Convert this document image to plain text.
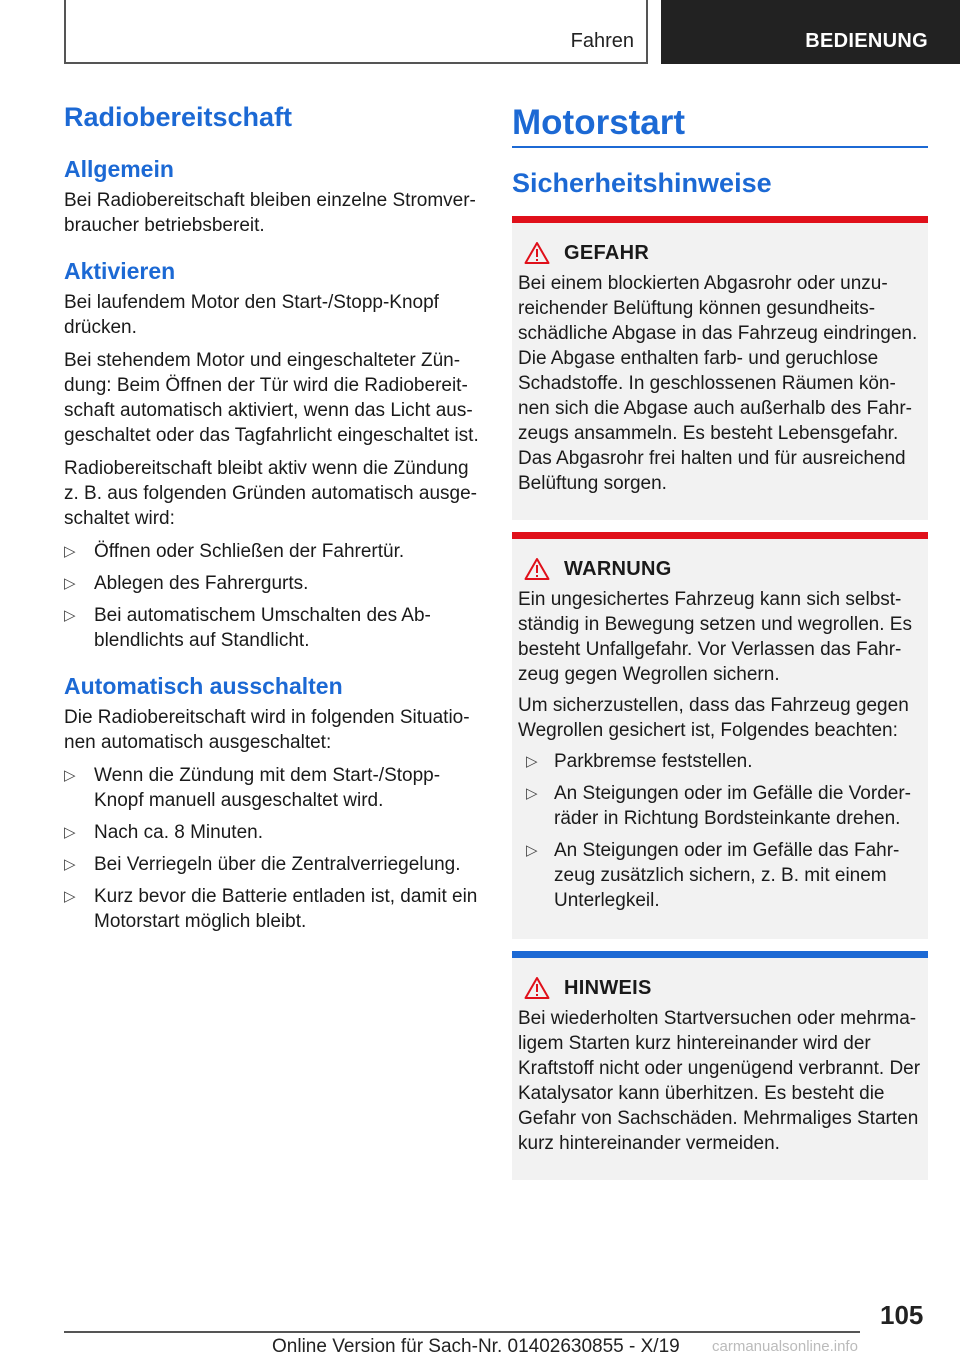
Fahren	BEDIENUNG
Radiobereitschaft
Allgemein

Bei Radiobereitschaft bleiben einzelne Stromver-braucher betriebsbereit.

Aktivieren

Bei laufendem Motor den Start-/Stopp-Knopf drücken.

Bei stehendem Motor und eingeschalteter Zün-dung: Beim Öffnen der Tür wird die Radiobereit-schaft automatisch aktiviert, wenn das Licht aus-geschaltet oder das Tagfahrlicht eingeschaltet ist.

Radiobereitschaft bleibt aktiv wenn die Zündung z. B. aus folgenden Gründen automatisch ausge-schaltet wird:

▷ Öffnen oder Schließen der Fahrertür.
▷ Ablegen des Fahrergurts.
▷ Bei automatischem Umschalten des Ab-blendlichts auf Standlicht.
Automatisch ausschalten

Die Radiobereitschaft wird in folgenden Situatio-nen automatisch ausgeschaltet:

▷ Wenn die Zündung mit dem Start-/Stopp-Knopf manuell ausgeschaltet wird.
▷ Nach ca. 8 Minuten.
▷ Bei Verriegeln über die Zentralverriegelung.
▷ Kurz bevor die Batterie entladen ist, damit ein Motorstart möglich bleibt.
Motorstart
Sicherheitshinweise
GEFAHR

Bei einem blockierten Abgasrohr oder unzu-reichender Belüftung können gesundheits-schädliche Abgase in das Fahrzeug eindringen. Die Abgase enthalten farb- und geruchlose Schadstoffe. In geschlossenen Räumen kön-nen sich die Abgase auch außerhalb des Fahr-zeugs ansammeln. Es besteht Lebensgefahr. Das Abgasrohr frei halten und für ausreichend Belüftung sorgen.

WARNUNG

Ein ungesichertes Fahrzeug kann sich selbst-ständig in Bewegung setzen und wegrollen. Es besteht Unfallgefahr. Vor Verlassen das Fahr-zeug gegen Wegrollen sichern.

Um sicherzustellen, dass das Fahrzeug gegen Wegrollen gesichert ist, Folgendes beachten:

▷ Parkbremse feststellen.
▷ An Steigungen oder im Gefälle die Vorder-räder in Richtung Bordsteinkante drehen.
▷ An Steigungen oder im Gefälle das Fahr-zeug zusätzlich sichern, z. B. mit einem Unterlegkeil.
HINWEIS

Bei wiederholten Startversuchen oder mehrma-ligem Starten kurz hintereinander wird der Kraftstoff nicht oder ungenügend verbrannt. Der Katalysator kann überhitzen. Es besteht die Gefahr von Sachschäden. Mehrmaliges Starten kurz hintereinander vermeiden.

105
Online Version für Sach-Nr. 01402630855 - X/19 carmanualsonline.info
